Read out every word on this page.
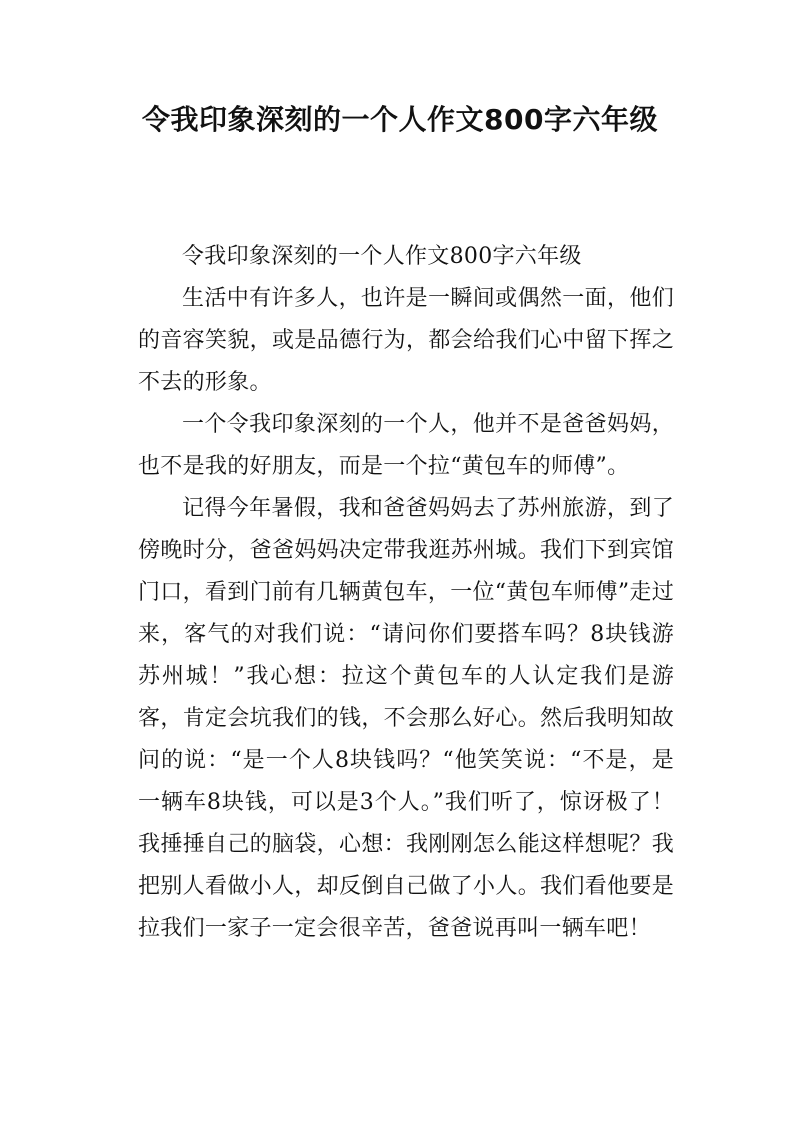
令我印象深刻的一个人作文800字六年级

令我印象深刻的一个人作文800字六年级

生活中有许多人，也许是一瞬间或偶然一面，他们的音容笑貌，或是品德行为，都会给我们心中留下挥之不去的形象。

一个令我印象深刻的一个人，他并不是爸爸妈妈，也不是我的好朋友，而是一个拉“黄包车的师傅”。

记得今年暑假，我和爸爸妈妈去了苏州旅游，到了傍晚时分，爸爸妈妈决定带我逛苏州城。我们下到宾馆门口，看到门前有几辆黄包车，一位“黄包车师傅”走过来，客气的对我们说：“请问你们要搭车吗？8块钱游苏州城！”我心想：拉这个黄包车的人认定我们是游客，肯定会坑我们的钱，不会那么好心。然后我明知故问的说：“是一个人8块钱吗？“他笑笑说：“不是，是一辆车8块钱，可以是3个人。”我们听了，惊讶极了！我捶捶自己的脑袋，心想：我刚刚怎么能这样想呢？我把别人看做小人，却反倒自己做了小人。我们看他要是拉我们一家子一定会很辛苦，爸爸说再叫一辆车吧！
